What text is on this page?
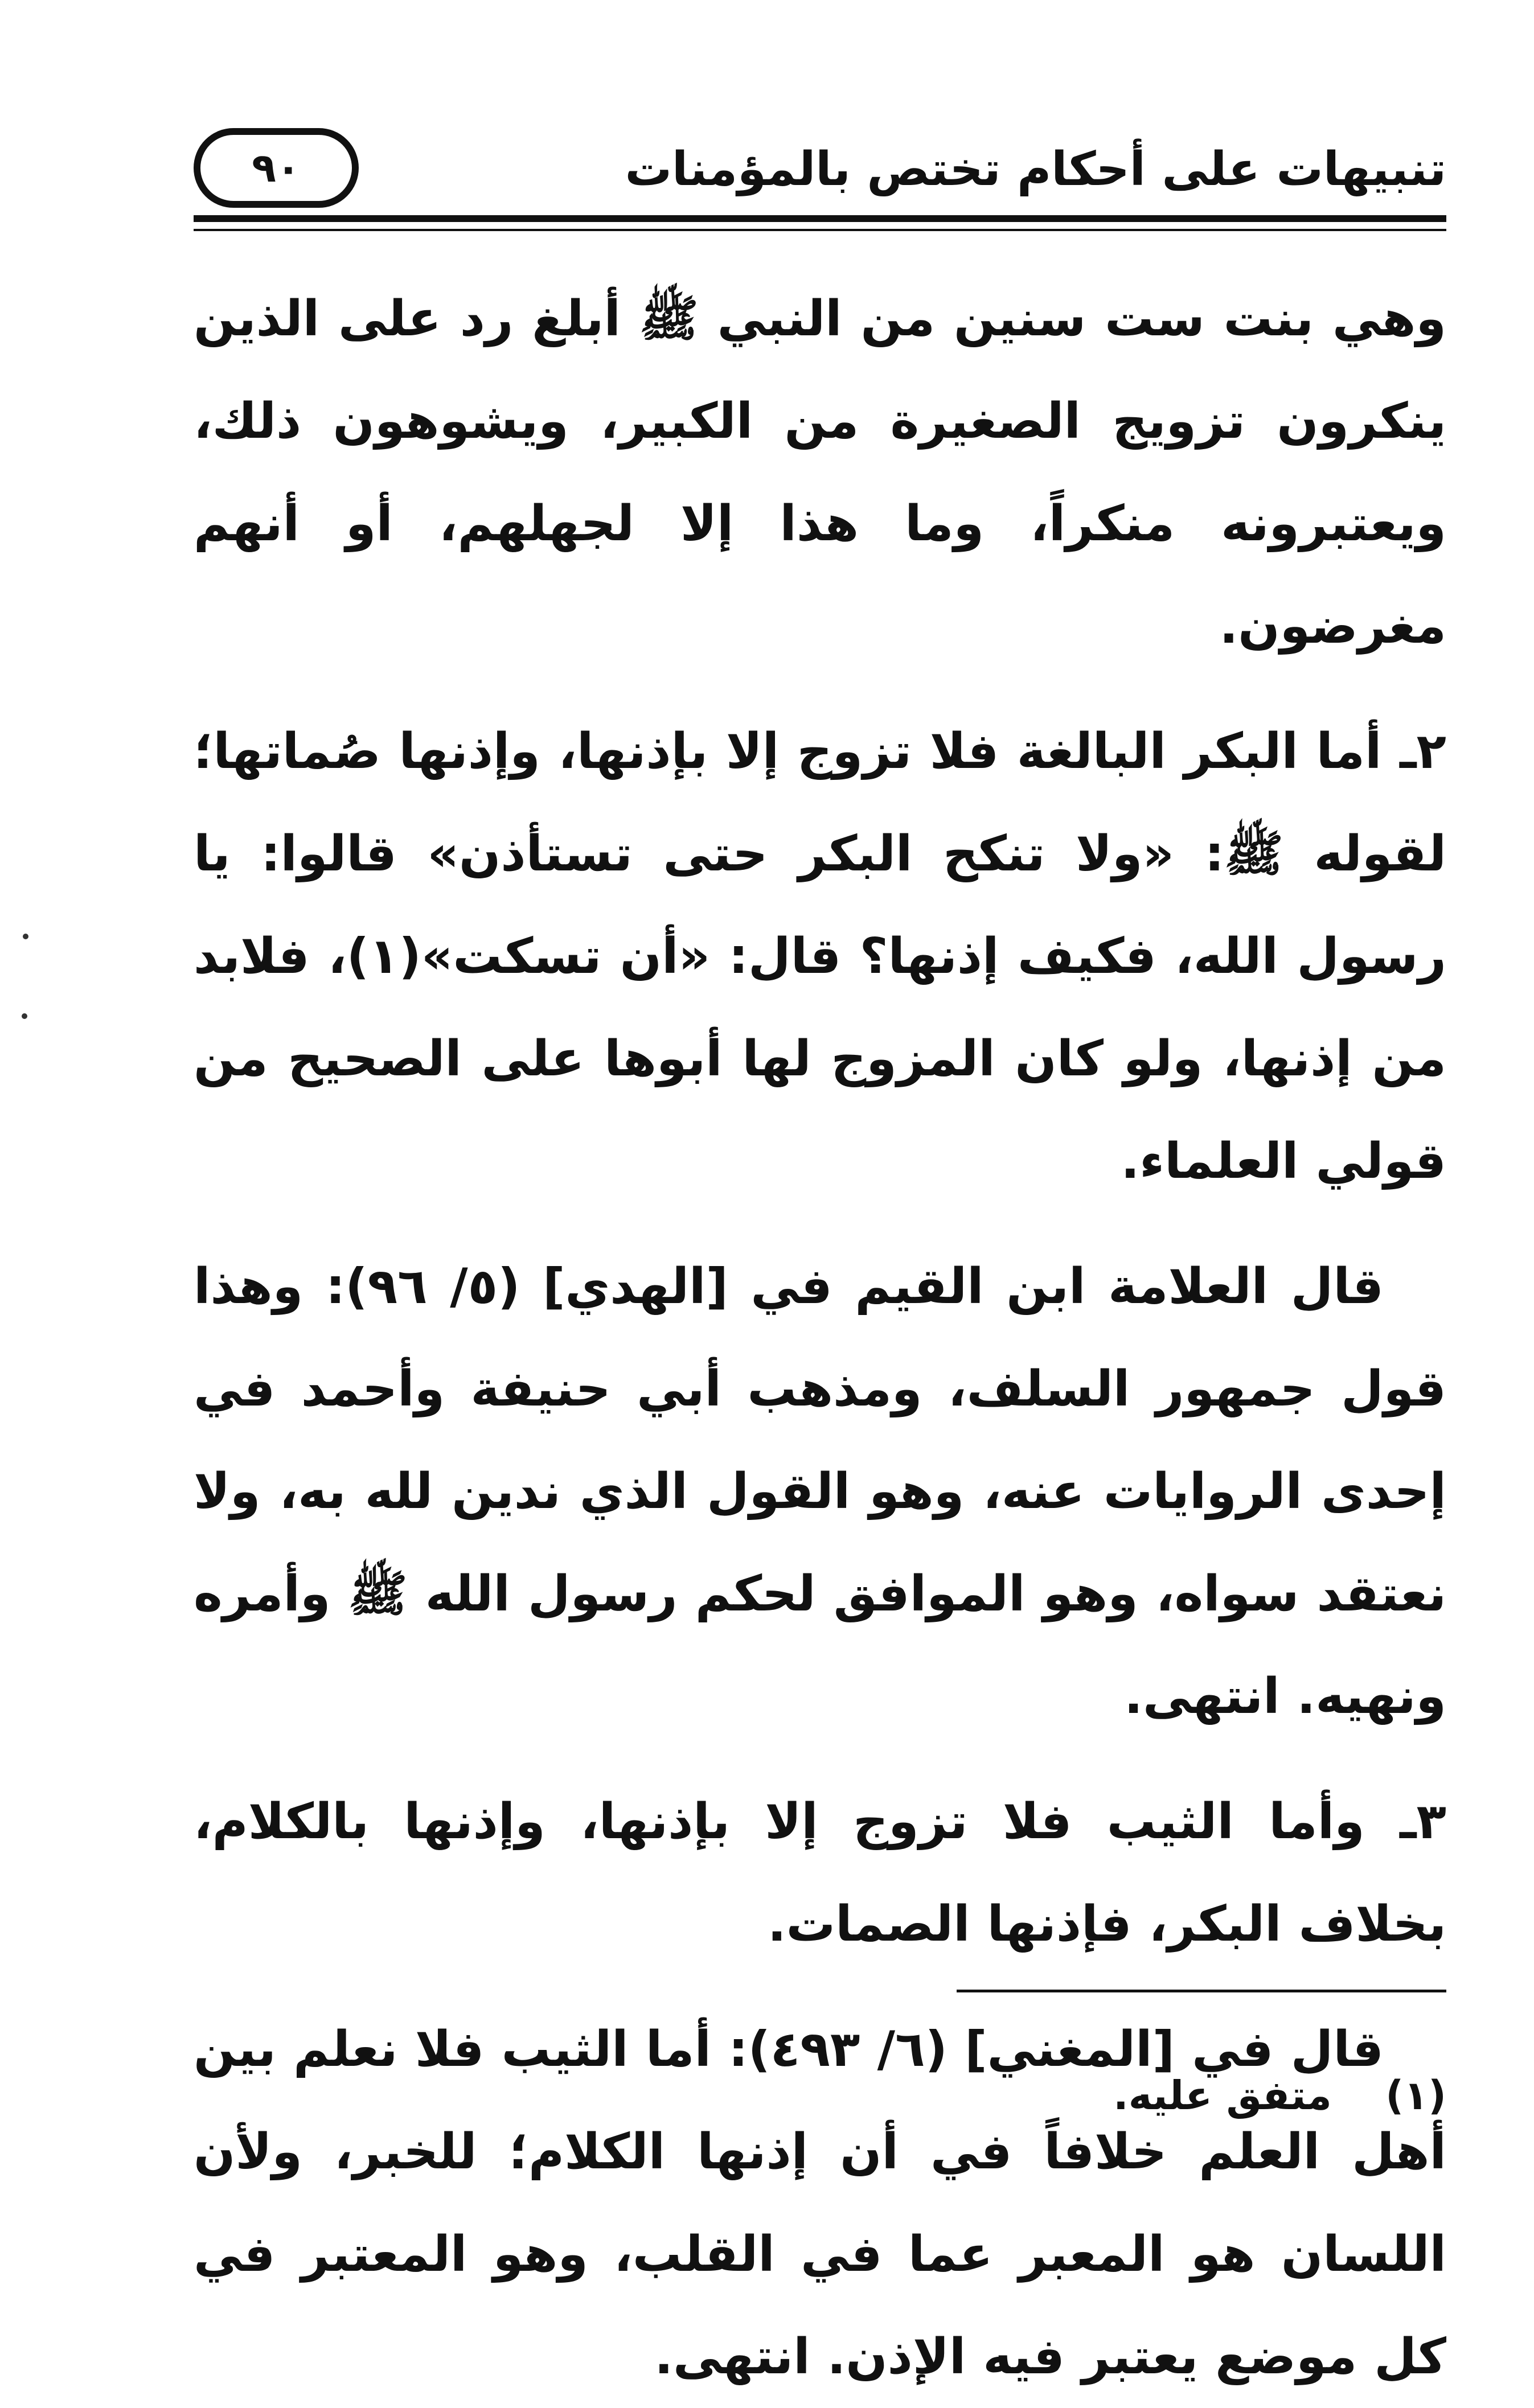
٩٠	تنبيهات على أحكام تختص بالمؤمنات

وهي بنت ست سنين من النبي ﷺ أبلغ رد على الذين ينكرون تزويج الصغيرة من الكبير، ويشوهون ذلك، ويعتبرونه منكراً، وما هذا إلا لجهلهم، أو أنهم مغرضون.

٢ـ أما البكر البالغة فلا تزوج إلا بإذنها، وإذنها صُماتها؛ لقوله ﷺ: «ولا تنكح البكر حتى تستأذن» قالوا: يا رسول الله، فكيف إذنها؟ قال: «أن تسكت»(١)، فلابد من إذنها، ولو كان المزوج لها أبوها على الصحيح من قولي العلماء.

قال العلامة ابن القيم في [الهدي] (٥/ ٩٦): وهذا قول جمهور السلف، ومذهب أبي حنيفة وأحمد في إحدى الروايات عنه، وهو القول الذي ندين لله به، ولا نعتقد سواه، وهو الموافق لحكم رسول الله ﷺ وأمره ونهيه. انتهى.

٣ـ وأما الثيب فلا تزوج إلا بإذنها، وإذنها بالكلام، بخلاف البكر، فإذنها الصمات.

قال في [المغني] (٦/ ٤٩٣): أما الثيب فلا نعلم بين أهل العلم خلافاً في أن إذنها الكلام؛ للخبر، ولأن اللسان هو المعبر عما في القلب، وهو المعتبر في كل موضع يعتبر فيه الإذن. انتهى.

(١) متفق عليه.
